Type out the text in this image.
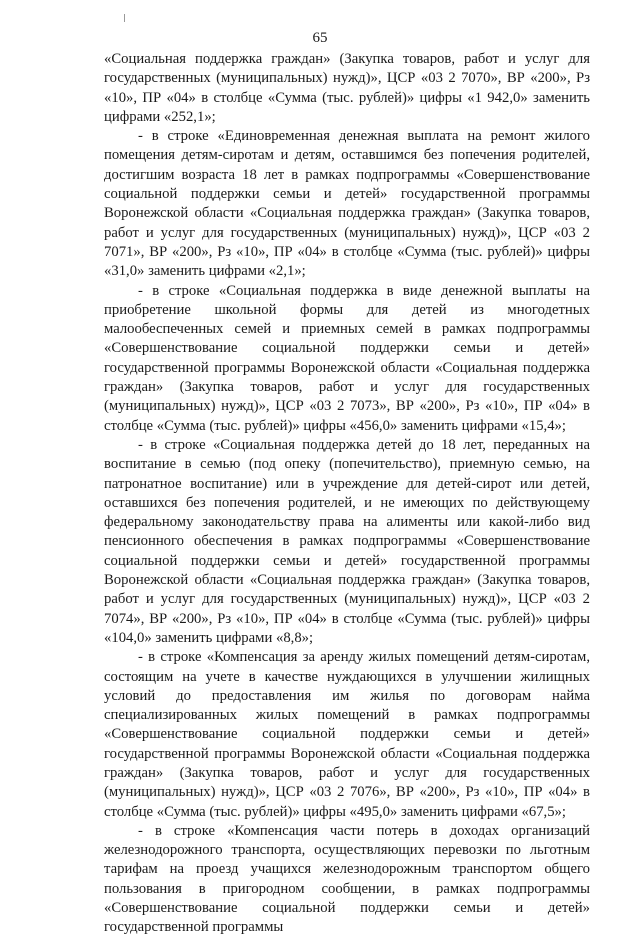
65

«Социальная поддержка граждан» (Закупка товаров, работ и услуг для государственных (муниципальных) нужд)», ЦСР «03 2 7070», ВР «200», Рз «10», ПР «04» в столбце «Сумма (тыс. рублей)» цифры «1 942,0» заменить цифрами «252,1»;

- в строке «Единовременная денежная выплата на ремонт жилого помещения детям-сиротам и детям, оставшимся без попечения родителей, достигшим возраста 18 лет в рамках подпрограммы «Совершенствование социальной поддержки семьи и детей» государственной программы Воронежской области «Социальная поддержка граждан» (Закупка товаров, работ и услуг для государственных (муниципальных) нужд)», ЦСР «03 2 7071», ВР «200», Рз «10», ПР «04» в столбце «Сумма (тыс. рублей)» цифры «31,0» заменить цифрами «2,1»;

- в строке «Социальная поддержка в виде денежной выплаты на приобретение школьной формы для детей из многодетных малообеспеченных семей и приемных семей в рамках подпрограммы «Совершенствование социальной поддержки семьи и детей» государственной программы Воронежской области «Социальная поддержка граждан» (Закупка товаров, работ и услуг для государственных (муниципальных) нужд)», ЦСР «03 2 7073», ВР «200», Рз «10», ПР «04» в столбце «Сумма (тыс. рублей)» цифры «456,0» заменить цифрами «15,4»;

- в строке «Социальная поддержка детей до 18 лет, переданных на воспитание в семью (под опеку (попечительство), приемную семью, на патронатное воспитание) или в учреждение для детей-сирот или детей, оставшихся без попечения родителей, и не имеющих по действующему федеральному законодательству права на алименты или какой-либо вид пенсионного обеспечения в рамках подпрограммы «Совершенствование социальной поддержки семьи и детей» государственной программы Воронежской области «Социальная поддержка граждан» (Закупка товаров, работ и услуг для государственных (муниципальных) нужд)», ЦСР «03 2 7074», ВР «200», Рз «10», ПР «04» в столбце «Сумма (тыс. рублей)» цифры «104,0» заменить цифрами «8,8»;

- в строке «Компенсация за аренду жилых помещений детям-сиротам, состоящим на учете в качестве нуждающихся в улучшении жилищных условий до предоставления им жилья по договорам найма специализированных жилых помещений в рамках подпрограммы «Совершенствование социальной поддержки семьи и детей» государственной программы Воронежской области «Социальная поддержка граждан» (Закупка товаров, работ и услуг для государственных (муниципальных) нужд)», ЦСР «03 2 7076», ВР «200», Рз «10», ПР «04» в столбце «Сумма (тыс. рублей)» цифры «495,0» заменить цифрами «67,5»;

- в строке «Компенсация части потерь в доходах организаций железнодорожного транспорта, осуществляющих перевозки по льготным тарифам на проезд учащихся железнодорожным транспортом общего пользования в пригородном сообщении, в рамках подпрограммы «Совершенствование социальной поддержки семьи и детей» государственной программы
